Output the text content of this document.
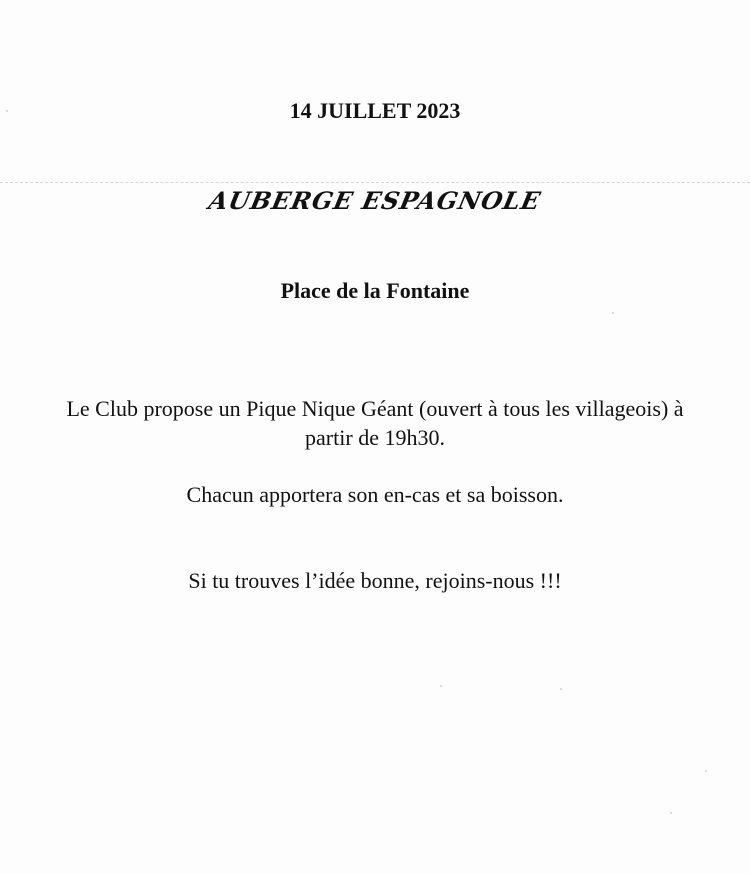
14 JUILLET 2023
AUBERGE ESPAGNOLE
Place de la Fontaine
Le Club propose un Pique Nique Géant (ouvert à tous les villageois) à partir de 19h30.
Chacun apportera son en-cas et sa boisson.
Si tu trouves l’idée bonne, rejoins-nous !!!
